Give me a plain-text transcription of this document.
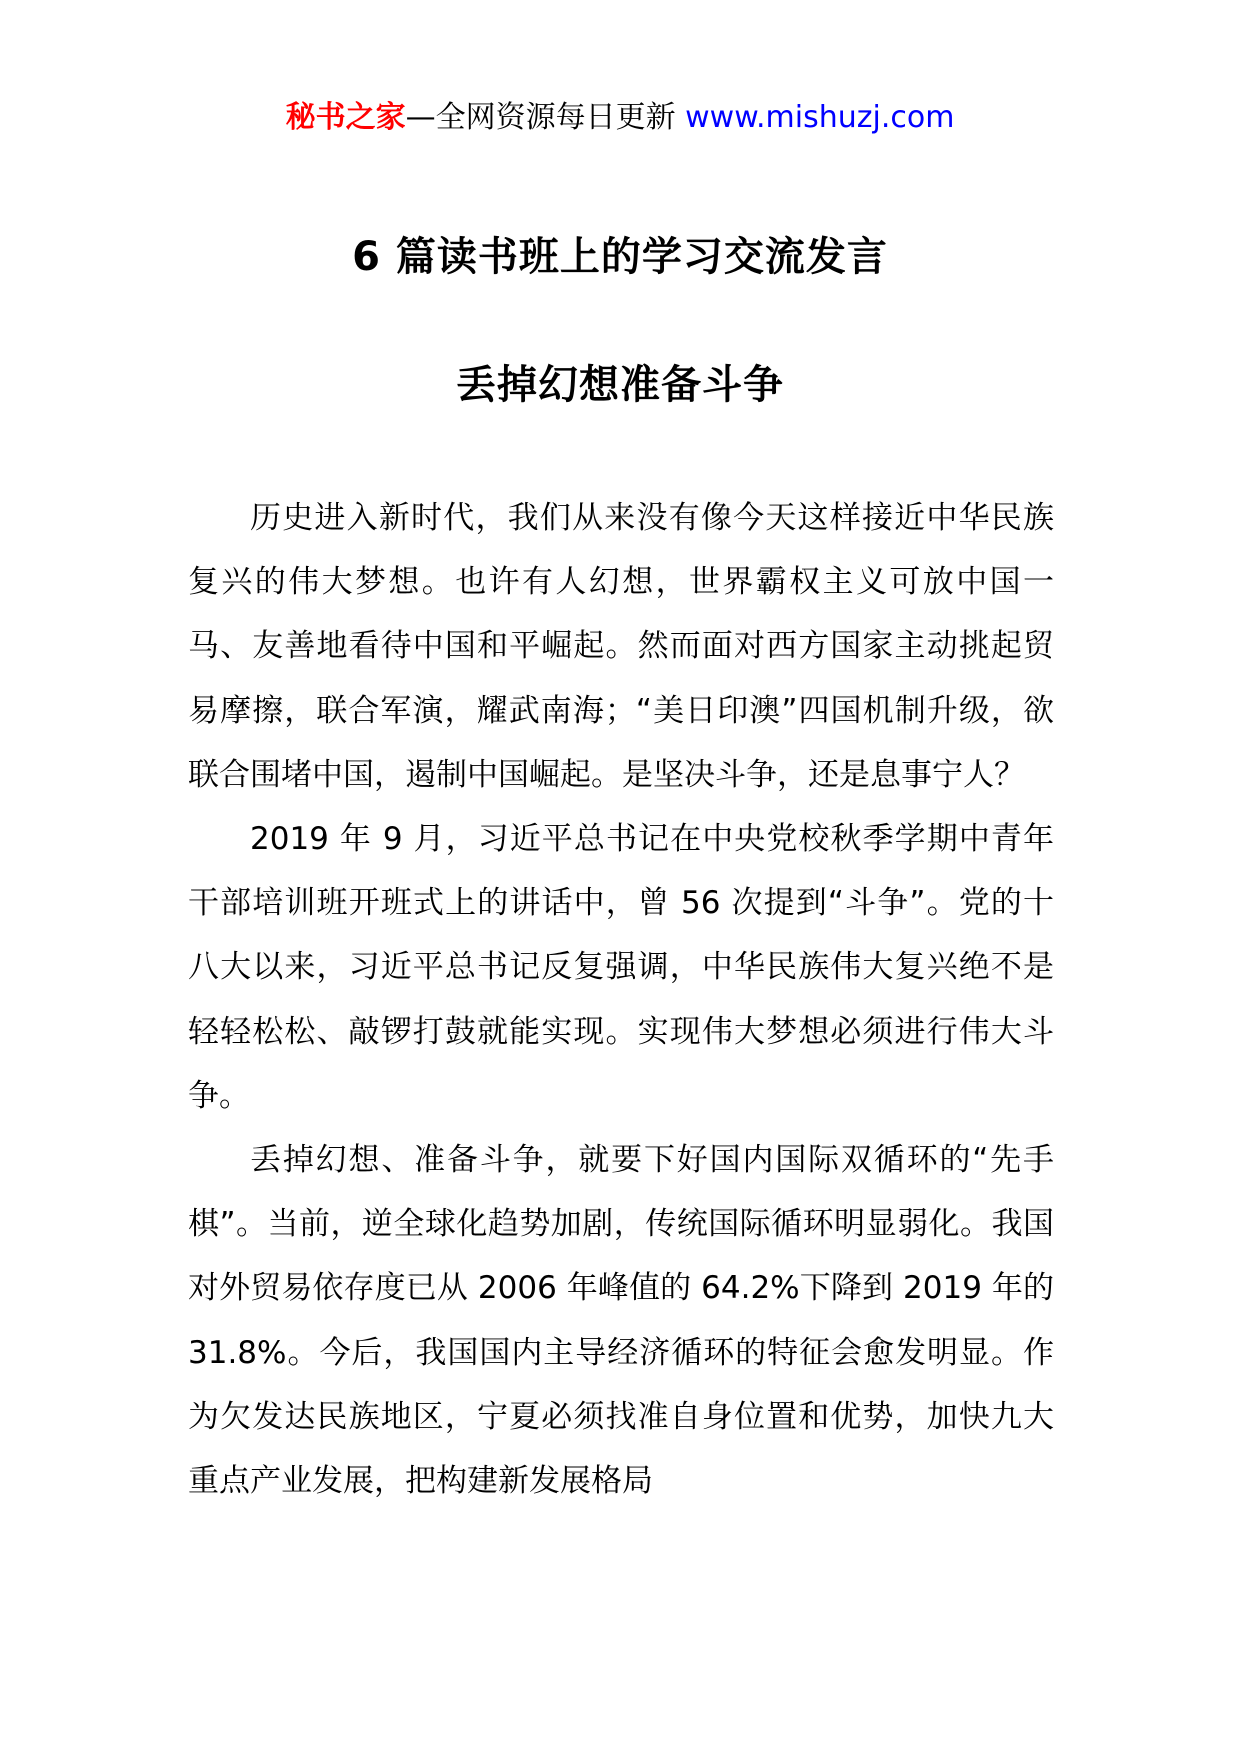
秘书之家—全网资源每日更新 www.mishuzj.com
6 篇读书班上的学习交流发言
丢掉幻想准备斗争

历史进入新时代，我们从来没有像今天这样接近中华民族复兴的伟大梦想。也许有人幻想，世界霸权主义可放中国一马、友善地看待中国和平崛起。然而面对西方国家主动挑起贸易摩擦，联合军演，耀武南海；“美日印澳”四国机制升级，欲联合围堵中国，遏制中国崛起。是坚决斗争，还是息事宁人？

2019 年 9 月，习近平总书记在中央党校秋季学期中青年干部培训班开班式上的讲话中，曾 56 次提到“斗争”。党的十八大以来，习近平总书记反复强调，中华民族伟大复兴绝不是轻轻松松、敲锣打鼓就能实现。实现伟大梦想必须进行伟大斗争。

丢掉幻想、准备斗争，就要下好国内国际双循环的“先手棋”。当前，逆全球化趋势加剧，传统国际循环明显弱化。我国对外贸易依存度已从 2006 年峰值的 64.2%下降到 2019 年的 31.8%。今后，我国国内主导经济循环的特征会愈发明显。作为欠发达民族地区，宁夏必须找准自身位置和优势，加快九大重点产业发展，把构建新发展格局
